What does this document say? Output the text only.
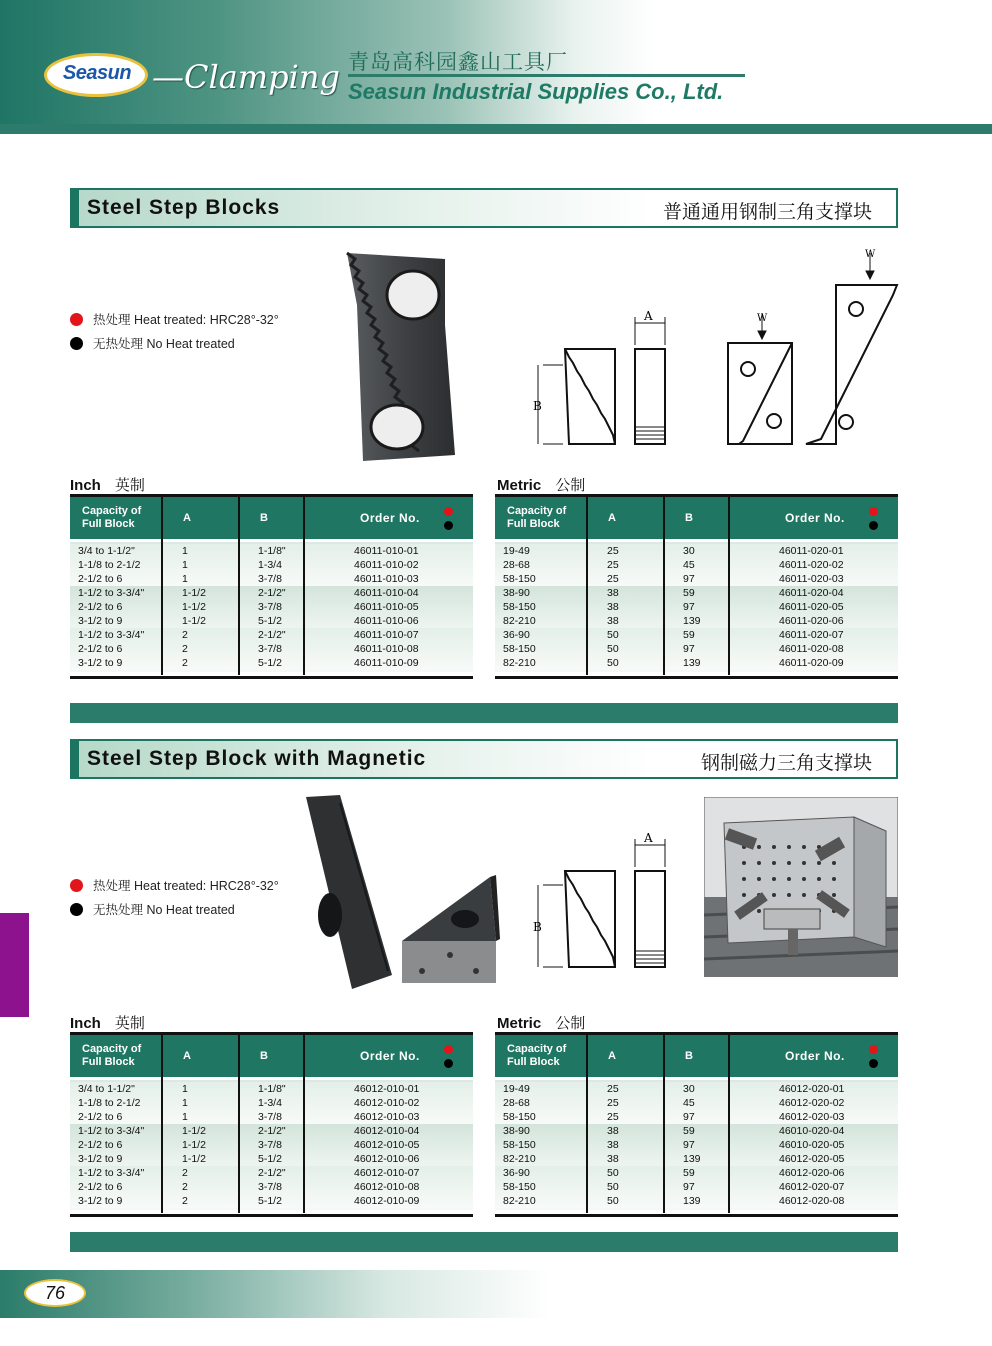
Seasun —Clamping 青岛高科园鑫山工具厂
Seasun Industrial Supplies Co., Ltd.
Steel Step Blocks	普通通用钢制三角支撑块
热处理 Heat treated: HRC28°-32°
无热处理 No Heat treated
B
A	W
W
Inch 英制	Metric 公制
Capacity of
Full Block	A	B	Order No.
3/4 to 1-1/2"	1	1-1/8"	46011-010-01
1-1/8 to 2-1/2	1	1-3/4	46011-010-02
2-1/2 to 6	1	3-7/8	46011-010-03
1-1/2 to 3-3/4"	1-1/2	2-1/2"	46011-010-04
2-1/2 to 6	1-1/2	3-7/8	46011-010-05
3-1/2 to 9	1-1/2	5-1/2	46011-010-06
1-1/2 to 3-3/4"	2	2-1/2"	46011-010-07
2-1/2 to 6	2	3-7/8	46011-010-08
3-1/2 to 9	2	5-1/2	46011-010-09
Capacity of
Full Block	A	B	Order No.
19-49	25	30	46011-020-01
28-68	25	45	46011-020-02
58-150	25	97	46011-020-03
38-90	38	59	46011-020-04
58-150	38	97	46011-020-05
82-210	38	139	46011-020-06
36-90	50	59	46011-020-07
58-150	50	97	46011-020-08
82-210	50	139	46011-020-09
Steel Step Block with Magnetic	钢制磁力三角支撑块
热处理 Heat treated: HRC28°-32°
无热处理 No Heat treated
B
A
Inch 英制	Metric 公制
Capacity of
Full Block	A	B	Order No.
3/4 to 1-1/2"	1	1-1/8"	46012-010-01
1-1/8 to 2-1/2	1	1-3/4	46012-010-02
2-1/2 to 6	1	3-7/8	46012-010-03
1-1/2 to 3-3/4"	1-1/2	2-1/2"	46012-010-04
2-1/2 to 6	1-1/2	3-7/8	46012-010-05
3-1/2 to 9	1-1/2	5-1/2	46012-010-06
1-1/2 to 3-3/4"	2	2-1/2"	46012-010-07
2-1/2 to 6	2	3-7/8	46012-010-08
3-1/2 to 9	2	5-1/2	46012-010-09
Capacity of
Full Block	A	B	Order No.
19-49	25	30	46012-020-01
28-68	25	45	46012-020-02
58-150	25	97	46012-020-03
38-90	38	59	46010-020-04
58-150	38	97	46010-020-05
82-210	38	139	46012-020-05
36-90	50	59	46012-020-06
58-150	50	97	46012-020-07
82-210	50	139	46012-020-08
76
